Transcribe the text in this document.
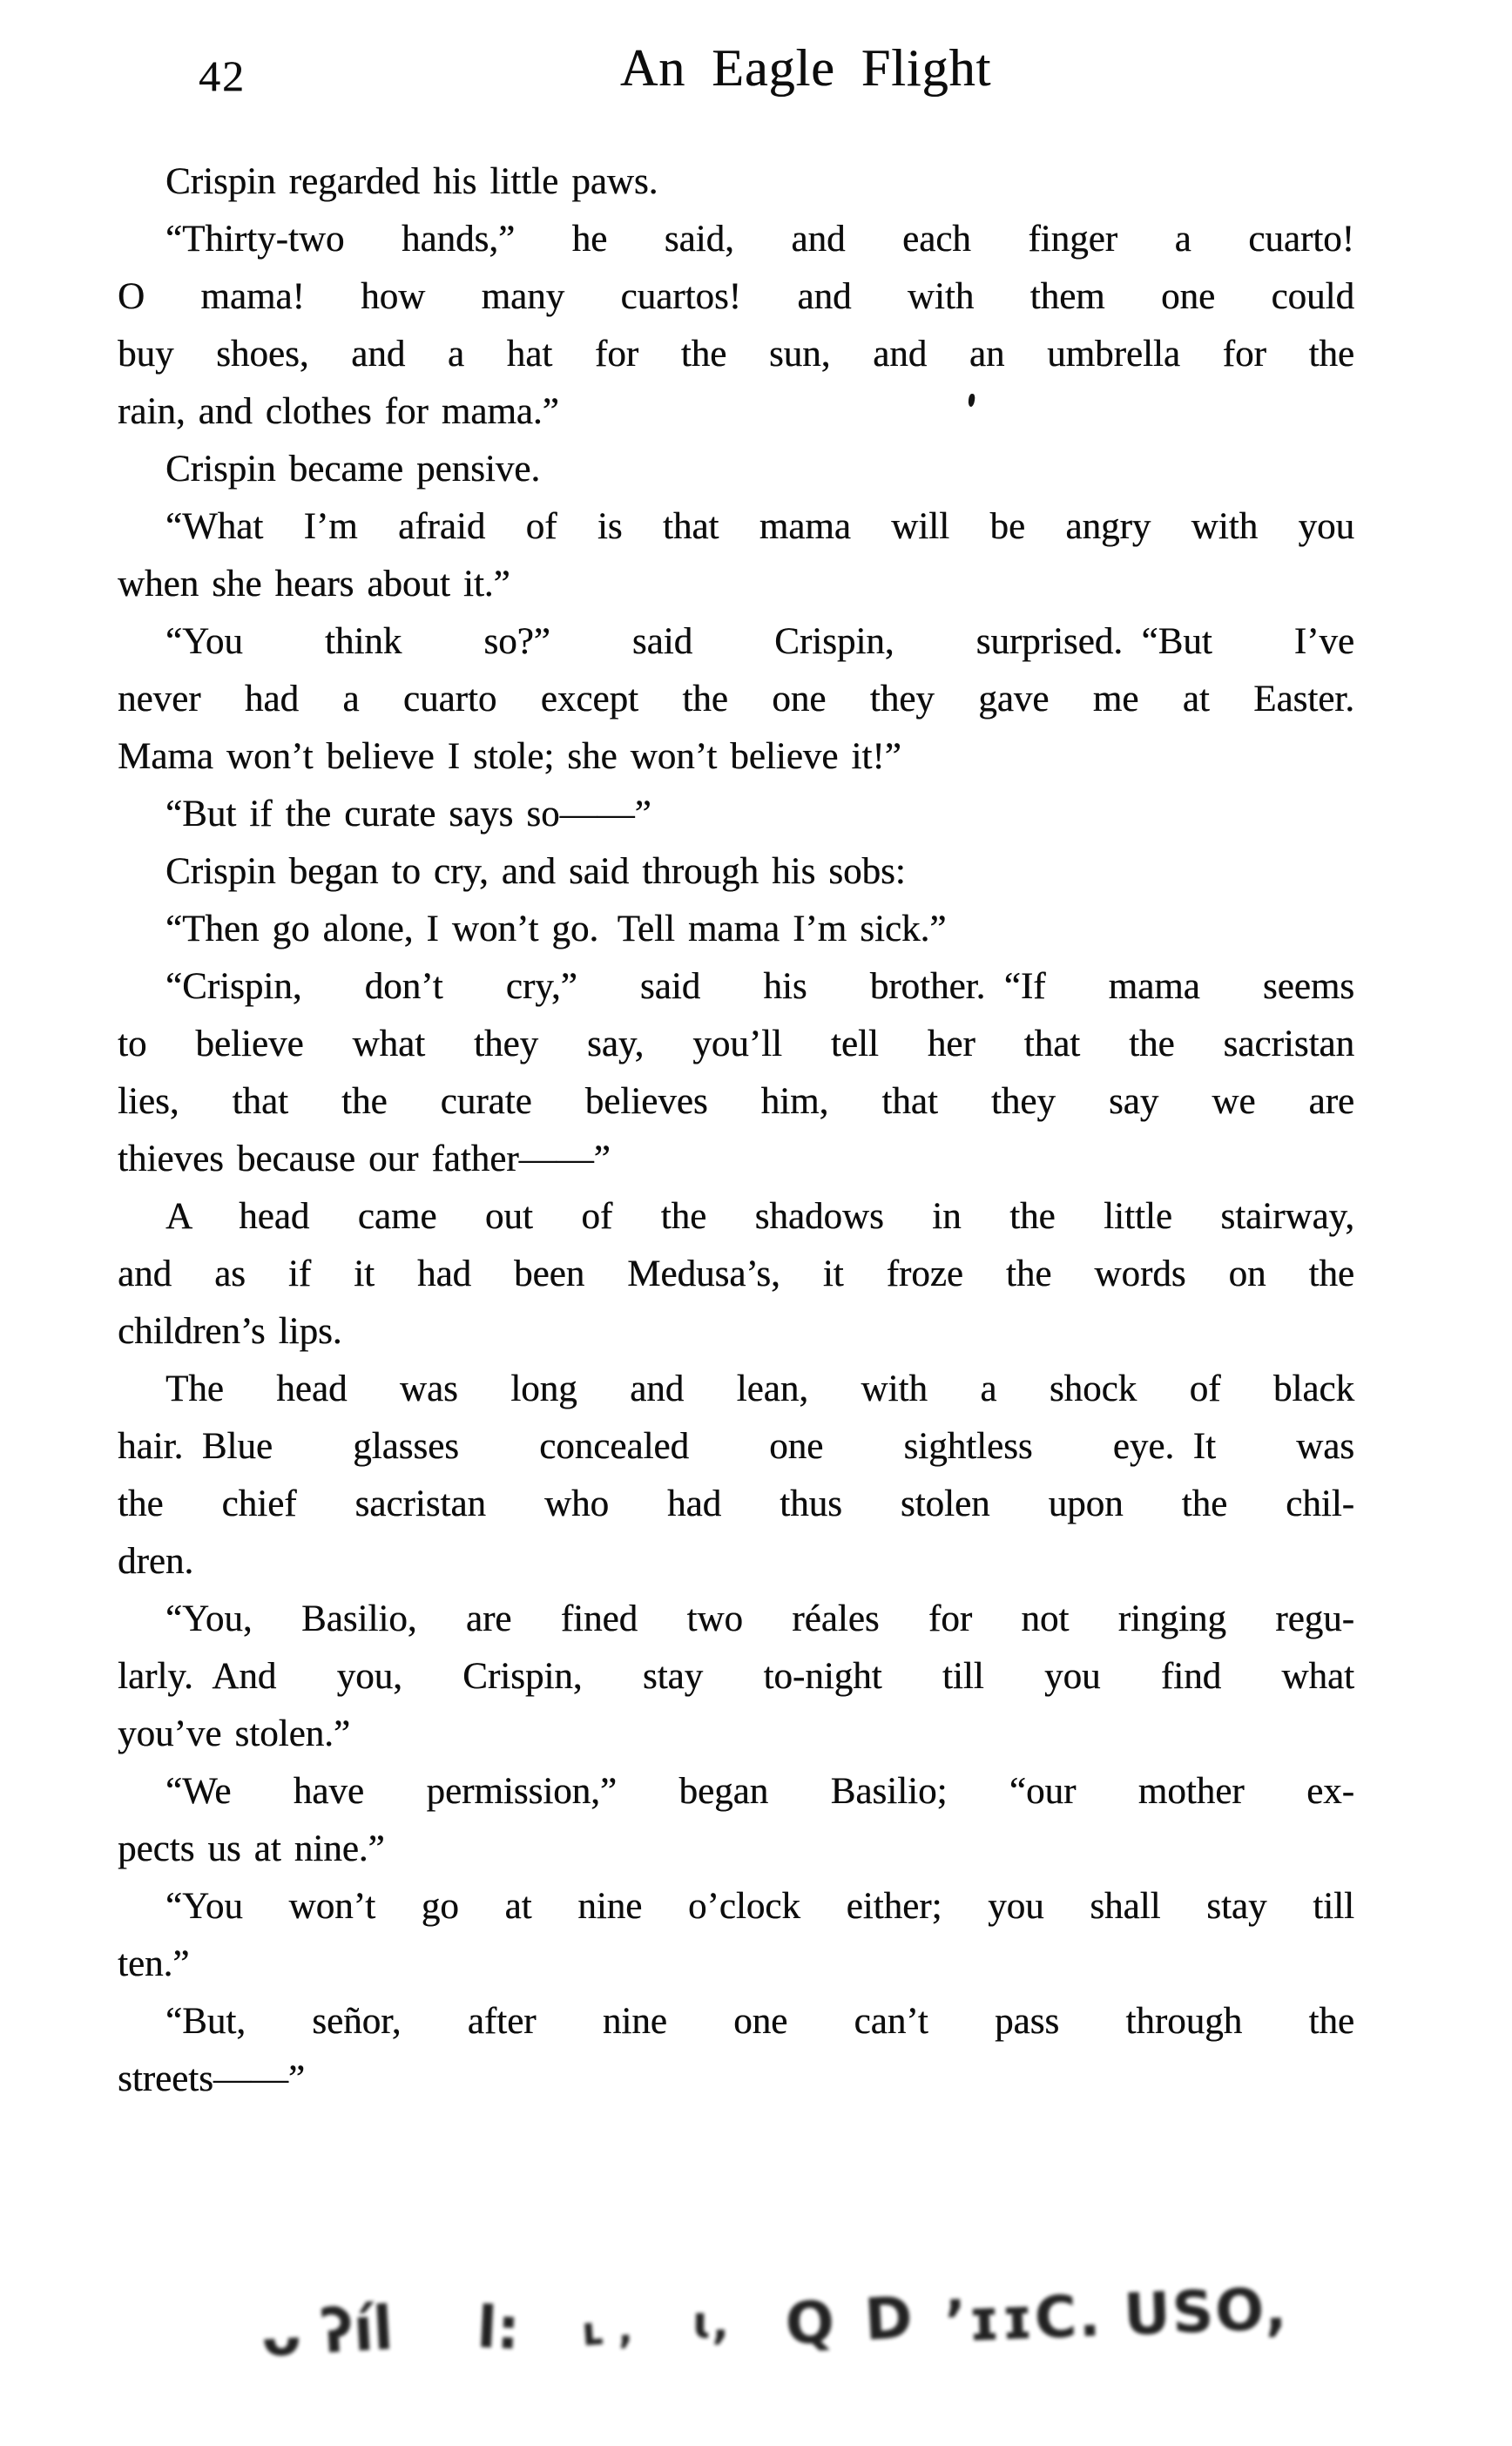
42	An Eagle Flight

Crispin regarded his little paws.

“Thirty-two hands,” he said, and each finger a cuarto!
O mama! how many cuartos! and with them one could
buy shoes, and a hat for the sun, and an umbrella for the
rain, and clothes for mama.”

Crispin became pensive.

“What I’m afraid of is that mama will be angry with you
when she hears about it.”

“You think so?” said Crispin, surprised. “But I’ve
never had a cuarto except the one they gave me at Easter.
Mama won’t believe I stole; she won’t believe it!”

“But if the curate says so——”

Crispin began to cry, and said through his sobs:

“Then go alone, I won’t go. Tell mama I’m sick.”

“Crispin, don’t cry,” said his brother. “If mama seems
to believe what they say, you’ll tell her that the sacristan
lies, that the curate believes him, that they say we are
thieves because our father——”

A head came out of the shadows in the little stairway,
and as if it had been Medusa’s, it froze the words on the
children’s lips.

The head was long and lean, with a shock of black
hair. Blue glasses concealed one sightless eye. It was
the chief sacristan who had thus stolen upon the chil-
dren.

“You, Basilio, are fined two réales for not ringing regu-
larly. And you, Crispin, stay to-night till you find what
you’ve stolen.”

“We have permission,” began Basilio; “our mother ex-
pects us at nine.”

“You won’t go at nine o’clock either; you shall stay till
ten.”

“But, señor, after nine one can’t pass through the
streets——”

ᴗ ʔíl l: ʟ , ɩ, Q D ’ɪɪC. USO,
